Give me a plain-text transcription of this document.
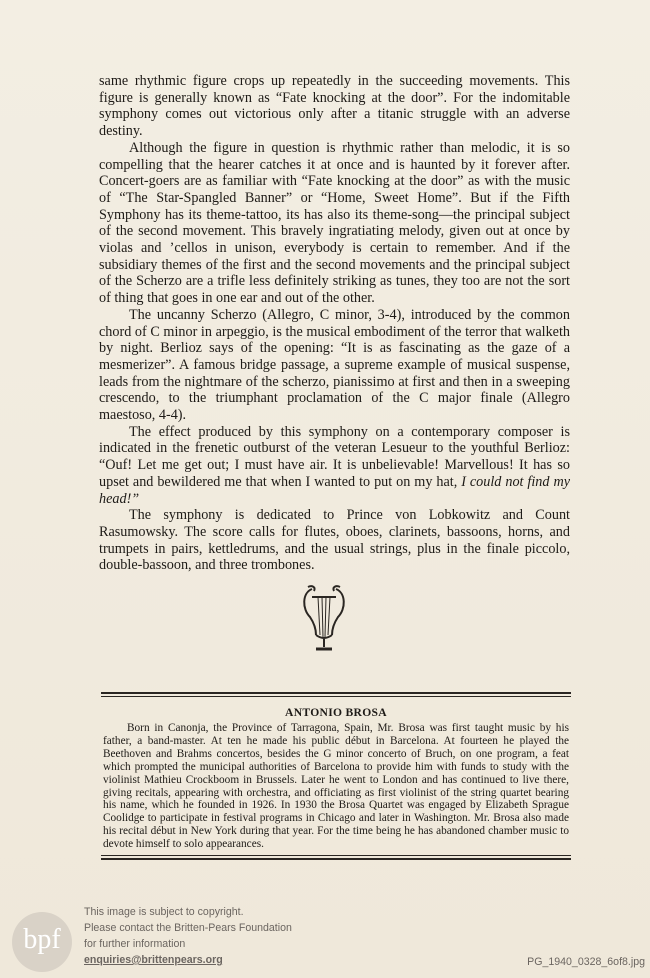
same rhythmic figure crops up repeatedly in the succeeding movements. This figure is generally known as “Fate knocking at the door”. For the indomitable symphony comes out victorious only after a titanic struggle with an adverse destiny.

Although the figure in question is rhythmic rather than melodic, it is so compelling that the hearer catches it at once and is haunted by it forever after. Concert-goers are as familiar with “Fate knocking at the door” as with the music of “The Star-Spangled Banner” or “Home, Sweet Home”. But if the Fifth Symphony has its theme-tattoo, its has also its theme-song—the principal subject of the second movement. This bravely ingratiating melody, given out at once by violas and ’cellos in unison, everybody is certain to remember. And if the subsidiary themes of the first and the second movements and the principal subject of the Scherzo are a trifle less definitely striking as tunes, they too are not the sort of thing that goes in one ear and out of the other.

The uncanny Scherzo (Allegro, C minor, 3-4), introduced by the common chord of C minor in arpeggio, is the musical embodiment of the terror that walketh by night. Berlioz says of the opening: “It is as fascinating as the gaze of a mesmerizer”. A famous bridge passage, a supreme example of musical suspense, leads from the nightmare of the scherzo, pianissimo at first and then in a sweeping crescendo, to the triumphant proclamation of the C major finale (Allegro maestoso, 4-4).

The effect produced by this symphony on a contemporary composer is indicated in the frenetic outburst of the veteran Lesueur to the youthful Berlioz: “Ouf! Let me get out; I must have air. It is unbelievable! Marvellous! It has so upset and bewildered me that when I wanted to put on my hat, I could not find my head!”

The symphony is dedicated to Prince von Lobkowitz and Count Rasumowsky. The score calls for flutes, oboes, clarinets, bassoons, horns, and trumpets in pairs, kettledrums, and the usual strings, plus in the finale piccolo, double-bassoon, and three trombones.

ANTONIO BROSA

Born in Canonja, the Province of Tarragona, Spain, Mr. Brosa was first taught music by his father, a band-master. At ten he made his public début in Barcelona. At fourteen he played the Beethoven and Brahms concertos, besides the G minor concerto of Bruch, on one program, a feat which prompted the municipal authorities of Barcelona to provide him with funds to study with the violinist Mathieu Crockboom in Brussels. Later he went to London and has continued to live there, giving recitals, appearing with orchestra, and officiating as first violinist of the string quartet bearing his name, which he founded in 1926. In 1930 the Brosa Quartet was engaged by Elizabeth Sprague Coolidge to participate in festival programs in Chicago and later in Washington. Mr. Brosa also made his recital début in New York during that year. For the time being he has abandoned chamber music to devote himself to solo appearances.

bpf
This image is subject to copyright.
Please contact the Britten-Pears Foundation
for further information
enquiries@brittenpears.org	PG_1940_0328_6of8.jpg
